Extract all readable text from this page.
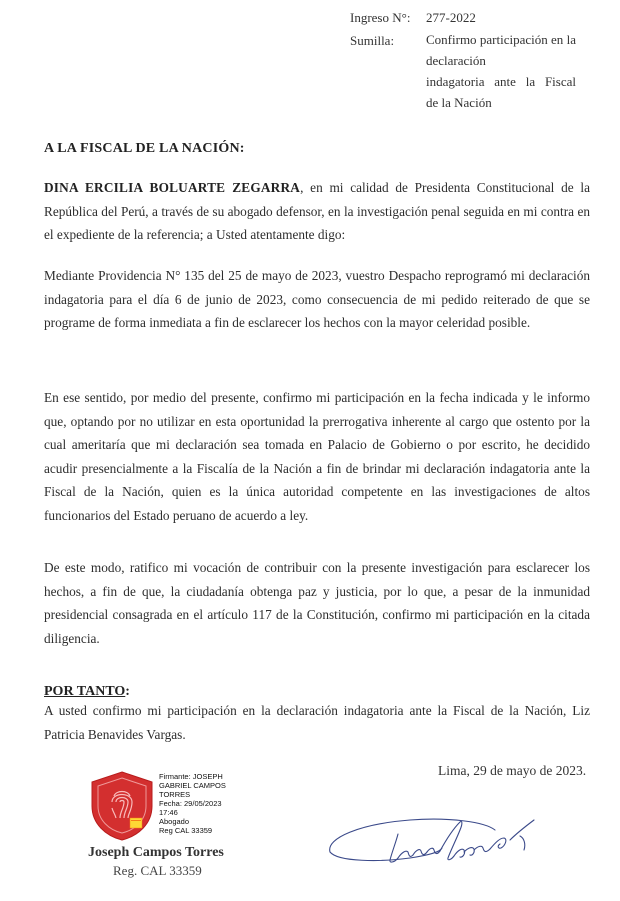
Ingreso N°: 277-2022
Sumilla: Confirmo participación en la declaración
indagatoria ante la Fiscal
de la Nación
A LA FISCAL DE LA NACIÓN:
DINA ERCILIA BOLUARTE ZEGARRA, en mi calidad de Presidenta Constitucional de la República del Perú, a través de su abogado defensor, en la investigación penal seguida en mi contra en el expediente de la referencia; a Usted atentamente digo:
Mediante Providencia N° 135 del 25 de mayo de 2023, vuestro Despacho reprogramó mi declaración indagatoria para el día 6 de junio de 2023, como consecuencia de mi pedido reiterado de que se programe de forma inmediata a fin de esclarecer los hechos con la mayor celeridad posible.
En ese sentido, por medio del presente, confirmo mi participación en la fecha indicada y le informo que, optando por no utilizar en esta oportunidad la prerrogativa inherente al cargo que ostento por la cual ameritaría que mi declaración sea tomada en Palacio de Gobierno o por escrito, he decidido acudir presencialmente a la Fiscalía de la Nación a fin de brindar mi declaración indagatoria ante la Fiscal de la Nación, quien es la única autoridad competente en las investigaciones de altos funcionarios del Estado peruano de acuerdo a ley.
De este modo, ratifico mi vocación de contribuir con la presente investigación para esclarecer los hechos, a fin de que, la ciudadanía obtenga paz y justicia, por lo que, a pesar de la inmunidad presidencial consagrada en el artículo 117 de la Constitución, confirmo mi participación en la citada diligencia.
POR TANTO:
A usted confirmo mi participación en la declaración indagatoria ante la Fiscal de la Nación, Liz Patricia Benavides Vargas.
Lima, 29 de mayo de 2023.
Firmante: JOSEPH
GABRIEL CAMPOS
TORRES
Fecha: 29/05/2023
17:46
Abogado
Reg CAL 33359
Joseph Campos Torres
Reg. CAL 33359
